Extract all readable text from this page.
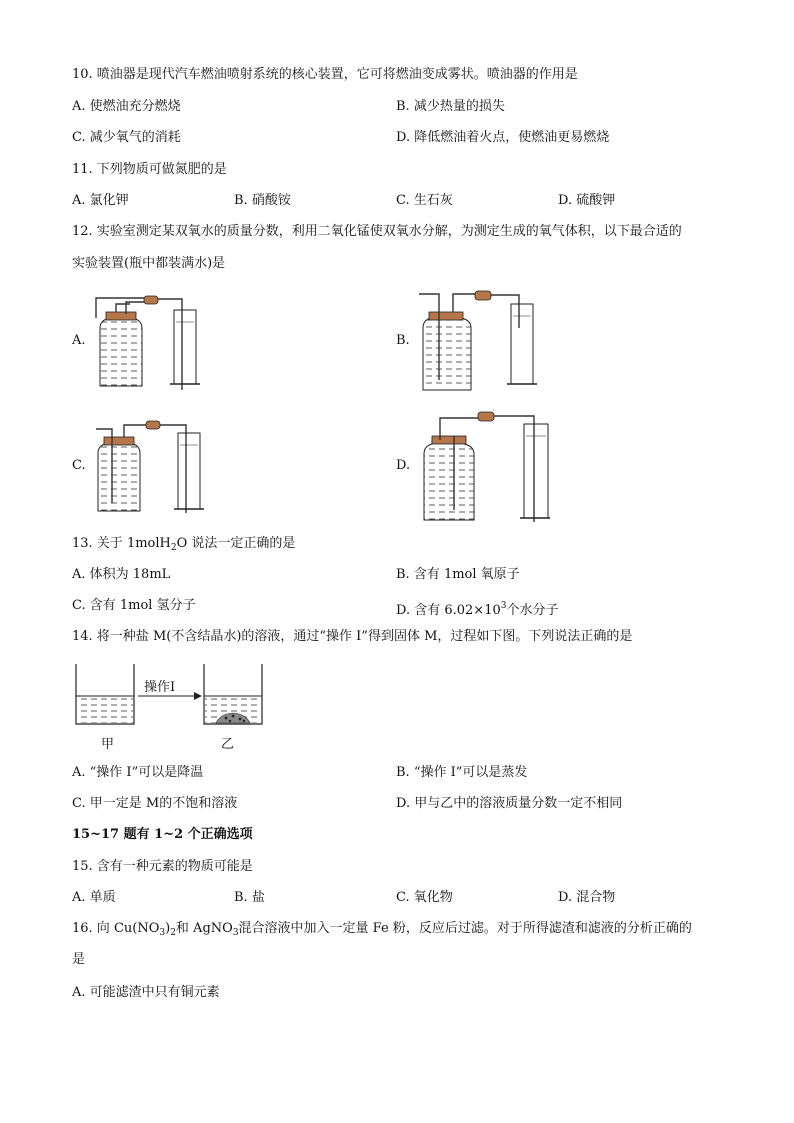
10. 喷油器是现代汽车燃油喷射系统的核心装置，它可将燃油变成雾状。喷油器的作用是
A. 使燃油充分燃烧	B. 减少热量的损失
C. 减少氧气的消耗	D. 降低燃油着火点，使燃油更易燃烧
11. 下列物质可做氮肥的是
A. 氯化钾	B. 硝酸铵	C. 生石灰	D. 硫酸钾
12. 实验室测定某双氧水的质量分数，利用二氧化锰使双氧水分解，为测定生成的氧气体积，以下最合适的
实验装置(瓶中都装满水)是
A.	B.
C.	D.
13. 关于 1molH$_2$O 说法一定正确的是
A. 体积为 18mL	B. 含有 1mol 氧原子
C. 含有 1mol 氢分子	D. 含有 $6.02\times 10^3$个水分子
14. 将一种盐 M(不含结晶水)的溶液，通过“操作 I”得到固体 M，过程如下图。下列说法正确的是
操作I
甲	乙
A. “操作 I”可以是降温	B. “操作 I”可以是蒸发
C. 甲一定是 M的不饱和溶液	D. 甲与乙中的溶液质量分数一定不相同
15~17 题有 1~2 个正确选项
15. 含有一种元素的物质可能是
A. 单质	B. 盐	C. 氧化物	D. 混合物
16. 向 $Cu(NO_3)_2$和 AgNO$_3$混合溶液中加入一定量 Fe 粉，反应后过滤。对于所得滤渣和滤液的分析正确的
是
A. 可能滤渣中只有铜元素
